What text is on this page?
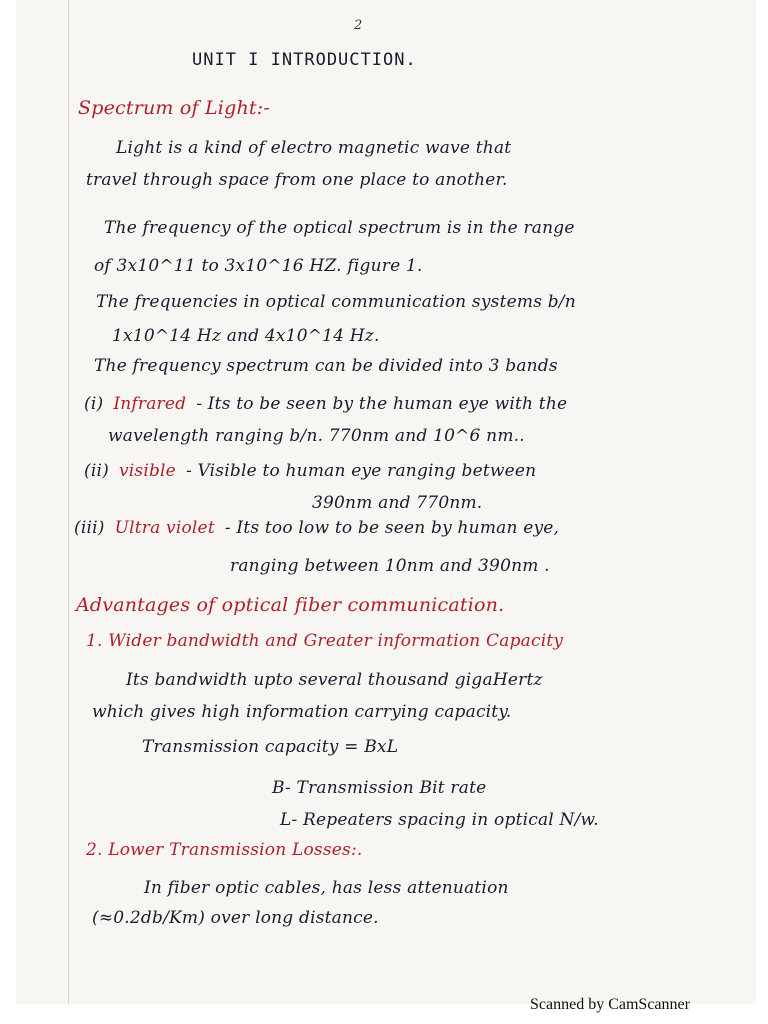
2
UNIT I INTRODUCTION.
Spectrum of Light:-
Light is a kind of electro magnetic wave that
travel through space from one place to another.
The frequency of the optical spectrum is in the range
of 3x10^11 to 3x10^16 HZ. figure 1.
The frequencies in optical communication systems b/n
1x10^14 Hz and 4x10^14 Hz.
The frequency spectrum can be divided into 3 bands
(i) Infrared - Its to be seen by the human eye with the
wavelength ranging b/n. 770nm and 10^6 nm..
(ii) visible - Visible to human eye ranging between
390nm and 770nm.
(iii) Ultra violet - Its too low to be seen by human eye,
ranging between 10nm and 390nm .
Advantages of optical fiber communication.
1. Wider bandwidth and Greater information Capacity
Its bandwidth upto several thousand gigaHertz
which gives high information carrying capacity.
Transmission capacity = BxL
B- Transmission Bit rate
L- Repeaters spacing in optical N/w.
2. Lower Transmission Losses:.
In fiber optic cables, has less attenuation
(≈0.2db/Km) over long distance.
Scanned by CamScanner
